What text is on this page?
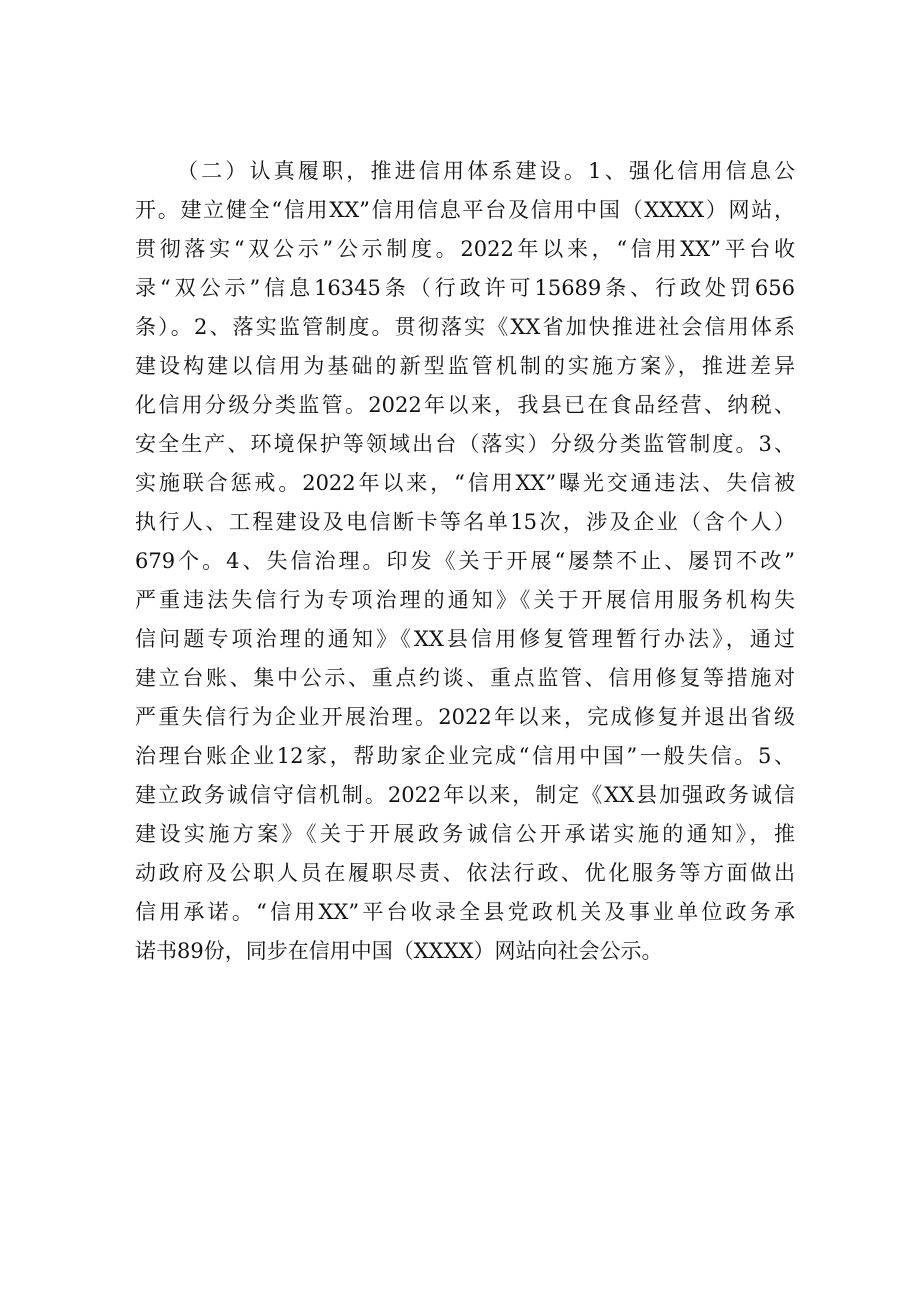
（二）认真履职，推进信用体系建设。1、强化信用信息公
开。建立健全“信用XX”信用信息平台及信用中国（XXXX）网站，
贯彻落实“双公示”公示制度。2022年以来，“信用XX”平台收
录“双公示”信息16345条（行政许可15689条、行政处罚656
条）。2、落实监管制度。贯彻落实《XX省加快推进社会信用体系
建设构建以信用为基础的新型监管机制的实施方案》，推进差异
化信用分级分类监管。2022年以来，我县已在食品经营、纳税、
安全生产、环境保护等领域出台（落实）分级分类监管制度。3、
实施联合惩戒。2022年以来，“信用XX”曝光交通违法、失信被
执行人、工程建设及电信断卡等名单15次，涉及企业（含个人）
679个。4、失信治理。印发《关于开展“屡禁不止、屡罚不改”
严重违法失信行为专项治理的通知》《关于开展信用服务机构失
信问题专项治理的通知》《XX县信用修复管理暂行办法》，通过
建立台账、集中公示、重点约谈、重点监管、信用修复等措施对
严重失信行为企业开展治理。2022年以来，完成修复并退出省级
治理台账企业12家，帮助家企业完成“信用中国”一般失信。5、
建立政务诚信守信机制。2022年以来，制定《XX县加强政务诚信
建设实施方案》《关于开展政务诚信公开承诺实施的通知》，推
动政府及公职人员在履职尽责、依法行政、优化服务等方面做出
信用承诺。“信用XX”平台收录全县党政机关及事业单位政务承
诺书89份，同步在信用中国（XXXX）网站向社会公示。
